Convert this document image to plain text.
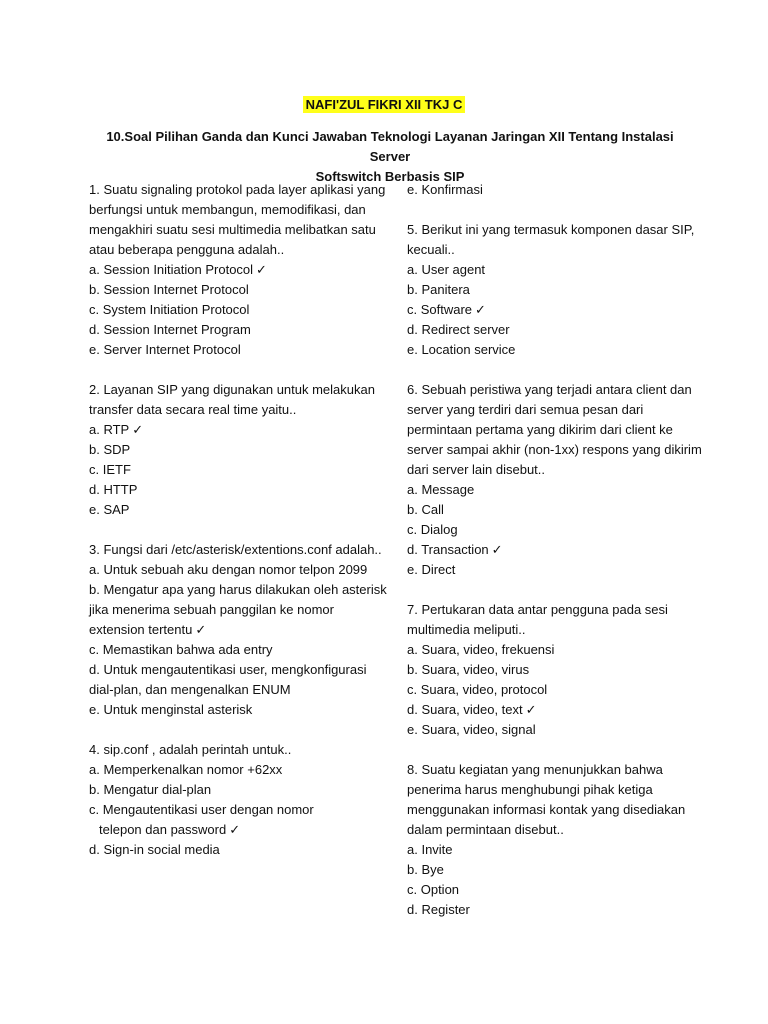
NAFI'ZUL FIKRI XII TKJ C
10.Soal Pilihan Ganda dan Kunci Jawaban Teknologi Layanan Jaringan XII Tentang Instalasi Server
Softswitch Berbasis SIP

1. Suatu signaling protokol pada layer aplikasi yang berfungsi untuk membangun, memodifikasi, dan mengakhiri suatu sesi multimedia melibatkan satu atau beberapa pengguna adalah..

a. Session Initiation Protocol ✓

b. Session Internet Protocol

c. System Initiation Protocol

d. Session Internet Program

e. Server Internet Protocol

2. Layanan SIP yang digunakan untuk melakukan transfer data secara real time yaitu..

a. RTP ✓

b. SDP

c. IETF

d. HTTP

e. SAP

3. Fungsi dari /etc/asterisk/extentions.conf adalah..

a. Untuk sebuah aku dengan nomor telpon 2099

b. Mengatur apa yang harus dilakukan oleh asterisk jika menerima sebuah panggilan ke nomor extension tertentu ✓

c. Memastikan bahwa ada entry

d. Untuk mengautentikasi user, mengkonfigurasi dial-plan, dan mengenalkan ENUM

e. Untuk menginstal asterisk

4. sip.conf , adalah perintah untuk..

a. Memperkenalkan nomor +62xx

b. Mengatur dial-plan

c. Mengautentikasi user dengan nomor

telepon dan password ✓

d. Sign-in social media

e. Konfirmasi

5. Berikut ini yang termasuk komponen dasar SIP, kecuali..

a. User agent

b. Panitera

c. Software ✓

d. Redirect server

e. Location service

6. Sebuah peristiwa yang terjadi antara client dan server yang terdiri dari semua pesan dari permintaan pertama yang dikirim dari client ke server sampai akhir (non-1xx) respons yang dikirim dari server lain disebut..

a. Message

b. Call

c. Dialog

d. Transaction ✓

e. Direct

7. Pertukaran data antar pengguna pada sesi multimedia meliputi..

a. Suara, video, frekuensi

b. Suara, video, virus

c. Suara, video, protocol

d. Suara, video, text ✓

e. Suara, video, signal

8. Suatu kegiatan yang menunjukkan bahwa penerima harus menghubungi pihak ketiga menggunakan informasi kontak yang disediakan dalam permintaan disebut..

a. Invite

b. Bye

c. Option

d. Register
